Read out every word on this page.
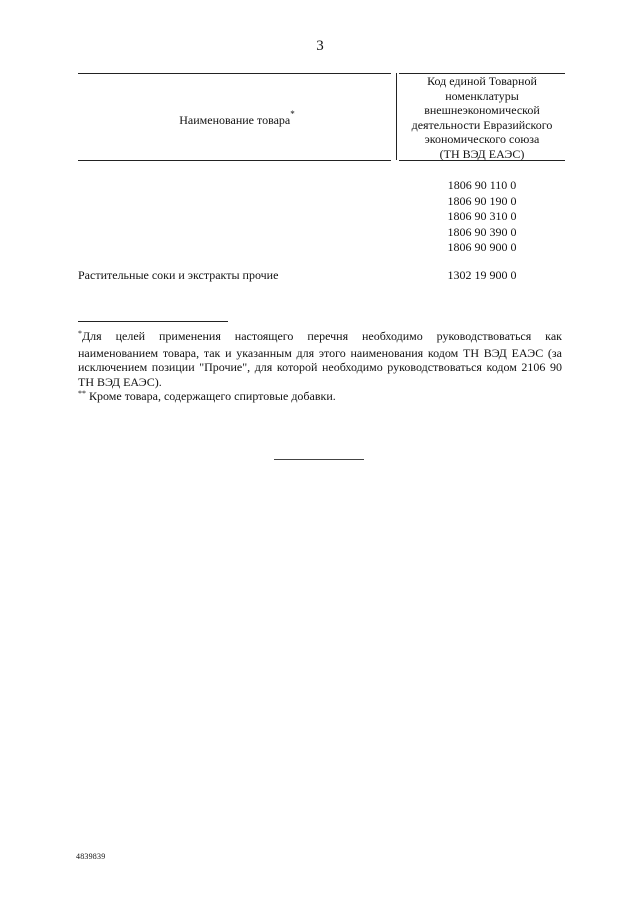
3
Наименование товара*
Код единой Товарной
номенклатуры
внешнеэкономической
деятельности Евразийского
экономического союза
(ТН ВЭД ЕАЭС)
1806 90 110 0
1806 90 190 0
1806 90 310 0
1806 90 390 0
1806 90 900 0
Растительные соки и экстракты прочие	1302 19 900 0
*Для целей применения настоящего перечня необходимо руководствоваться как наименованием товара, так и указанным для этого наименования кодом ТН ВЭД ЕАЭС (за исключением позиции "Прочие", для которой необходимо руководствоваться кодом 2106 90 ТН ВЭД ЕАЭС).
** Кроме товара, содержащего спиртовые добавки.
4839839
